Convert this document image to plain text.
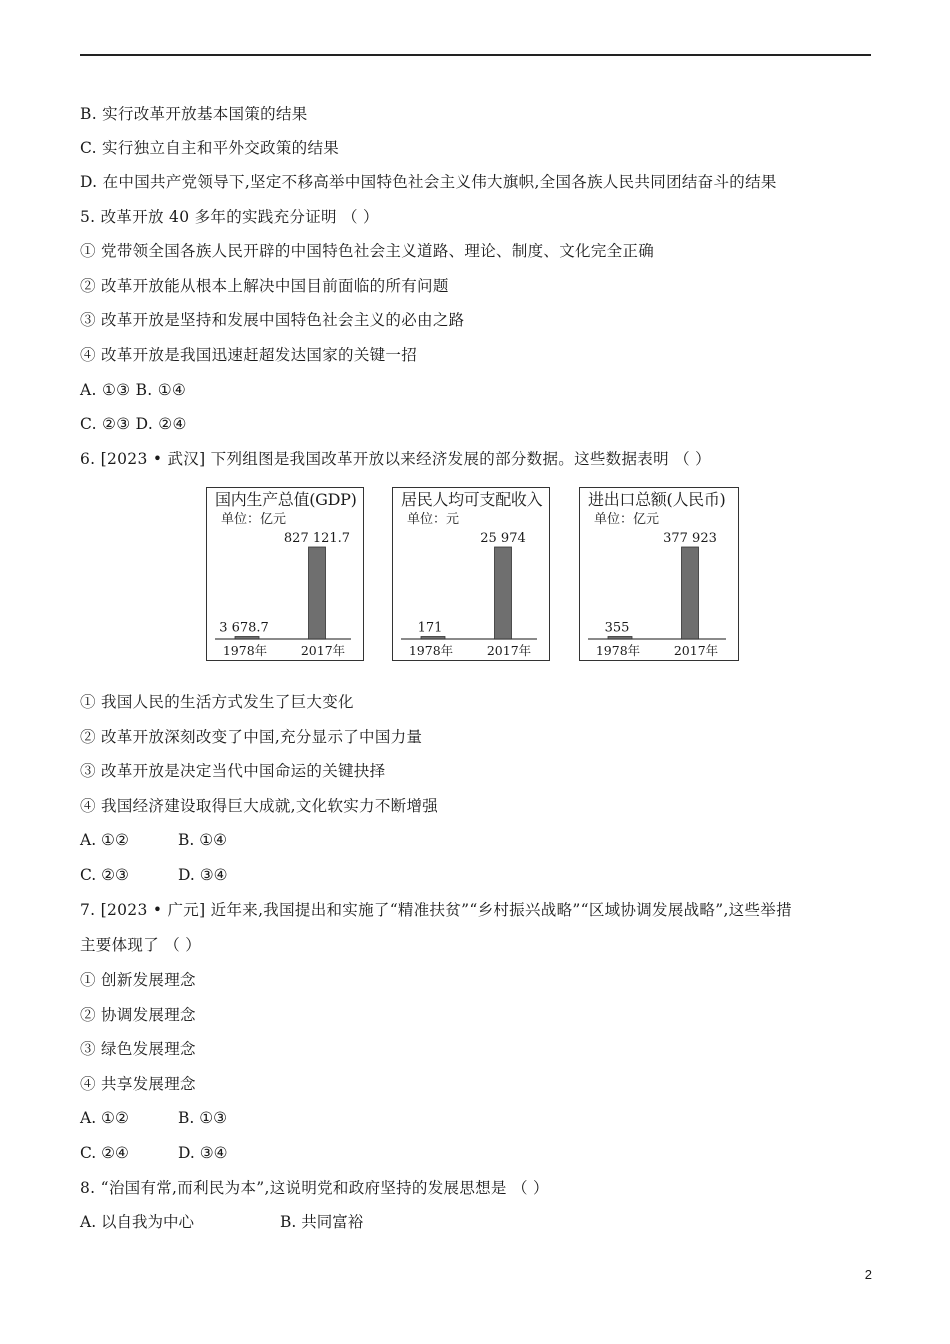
B. 实行改革开放基本国策的结果
C. 实行独立自主和平外交政策的结果
D. 在中国共产党领导下,坚定不移高举中国特色社会主义伟大旗帜,全国各族人民共同团结奋斗的结果
5. 改革开放 40 多年的实践充分证明 （ ）
① 党带领全国各族人民开辟的中国特色社会主义道路、理论、制度、文化完全正确
② 改革开放能从根本上解决中国目前面临的所有问题
③ 改革开放是坚持和发展中国特色社会主义的必由之路
④ 改革开放是我国迅速赶超发达国家的关键一招
A. ①③ B. ①④
C. ②③ D. ②④
6. [2023 • 武汉] 下列组图是我国改革开放以来经济发展的部分数据。这些数据表明 （ ）
① 我国人民的生活方式发生了巨大变化
② 改革开放深刻改变了中国,充分显示了中国力量
③ 改革开放是决定当代中国命运的关键抉择
④ 我国经济建设取得巨大成就,文化软实力不断增强
7. [2023 • 广元] 近年来,我国提出和实施了“精准扶贫”“乡村振兴战略”“区域协调发展战略”,这些举措
主要体现了 （ ）
① 创新发展理念
② 协调发展理念
③ 绿色发展理念
④ 共享发展理念
8. “治国有常,而利民为本”,这说明党和政府坚持的发展思想是 （ ）
A. ①②	B. ①④
C. ②③	D. ③④
A. ①②	B. ①③
C. ②④	D. ③④
A. 以自我为中心	B. 共同富裕
国内生产总值(GDP)
单位：亿元
3 678.7
1978年
827 121.7
2017年
居民人均可支配收入
单位：元
171
1978年
25 974
2017年
进出口总额(人民币)
单位：亿元
355
1978年
377 923
2017年
2
